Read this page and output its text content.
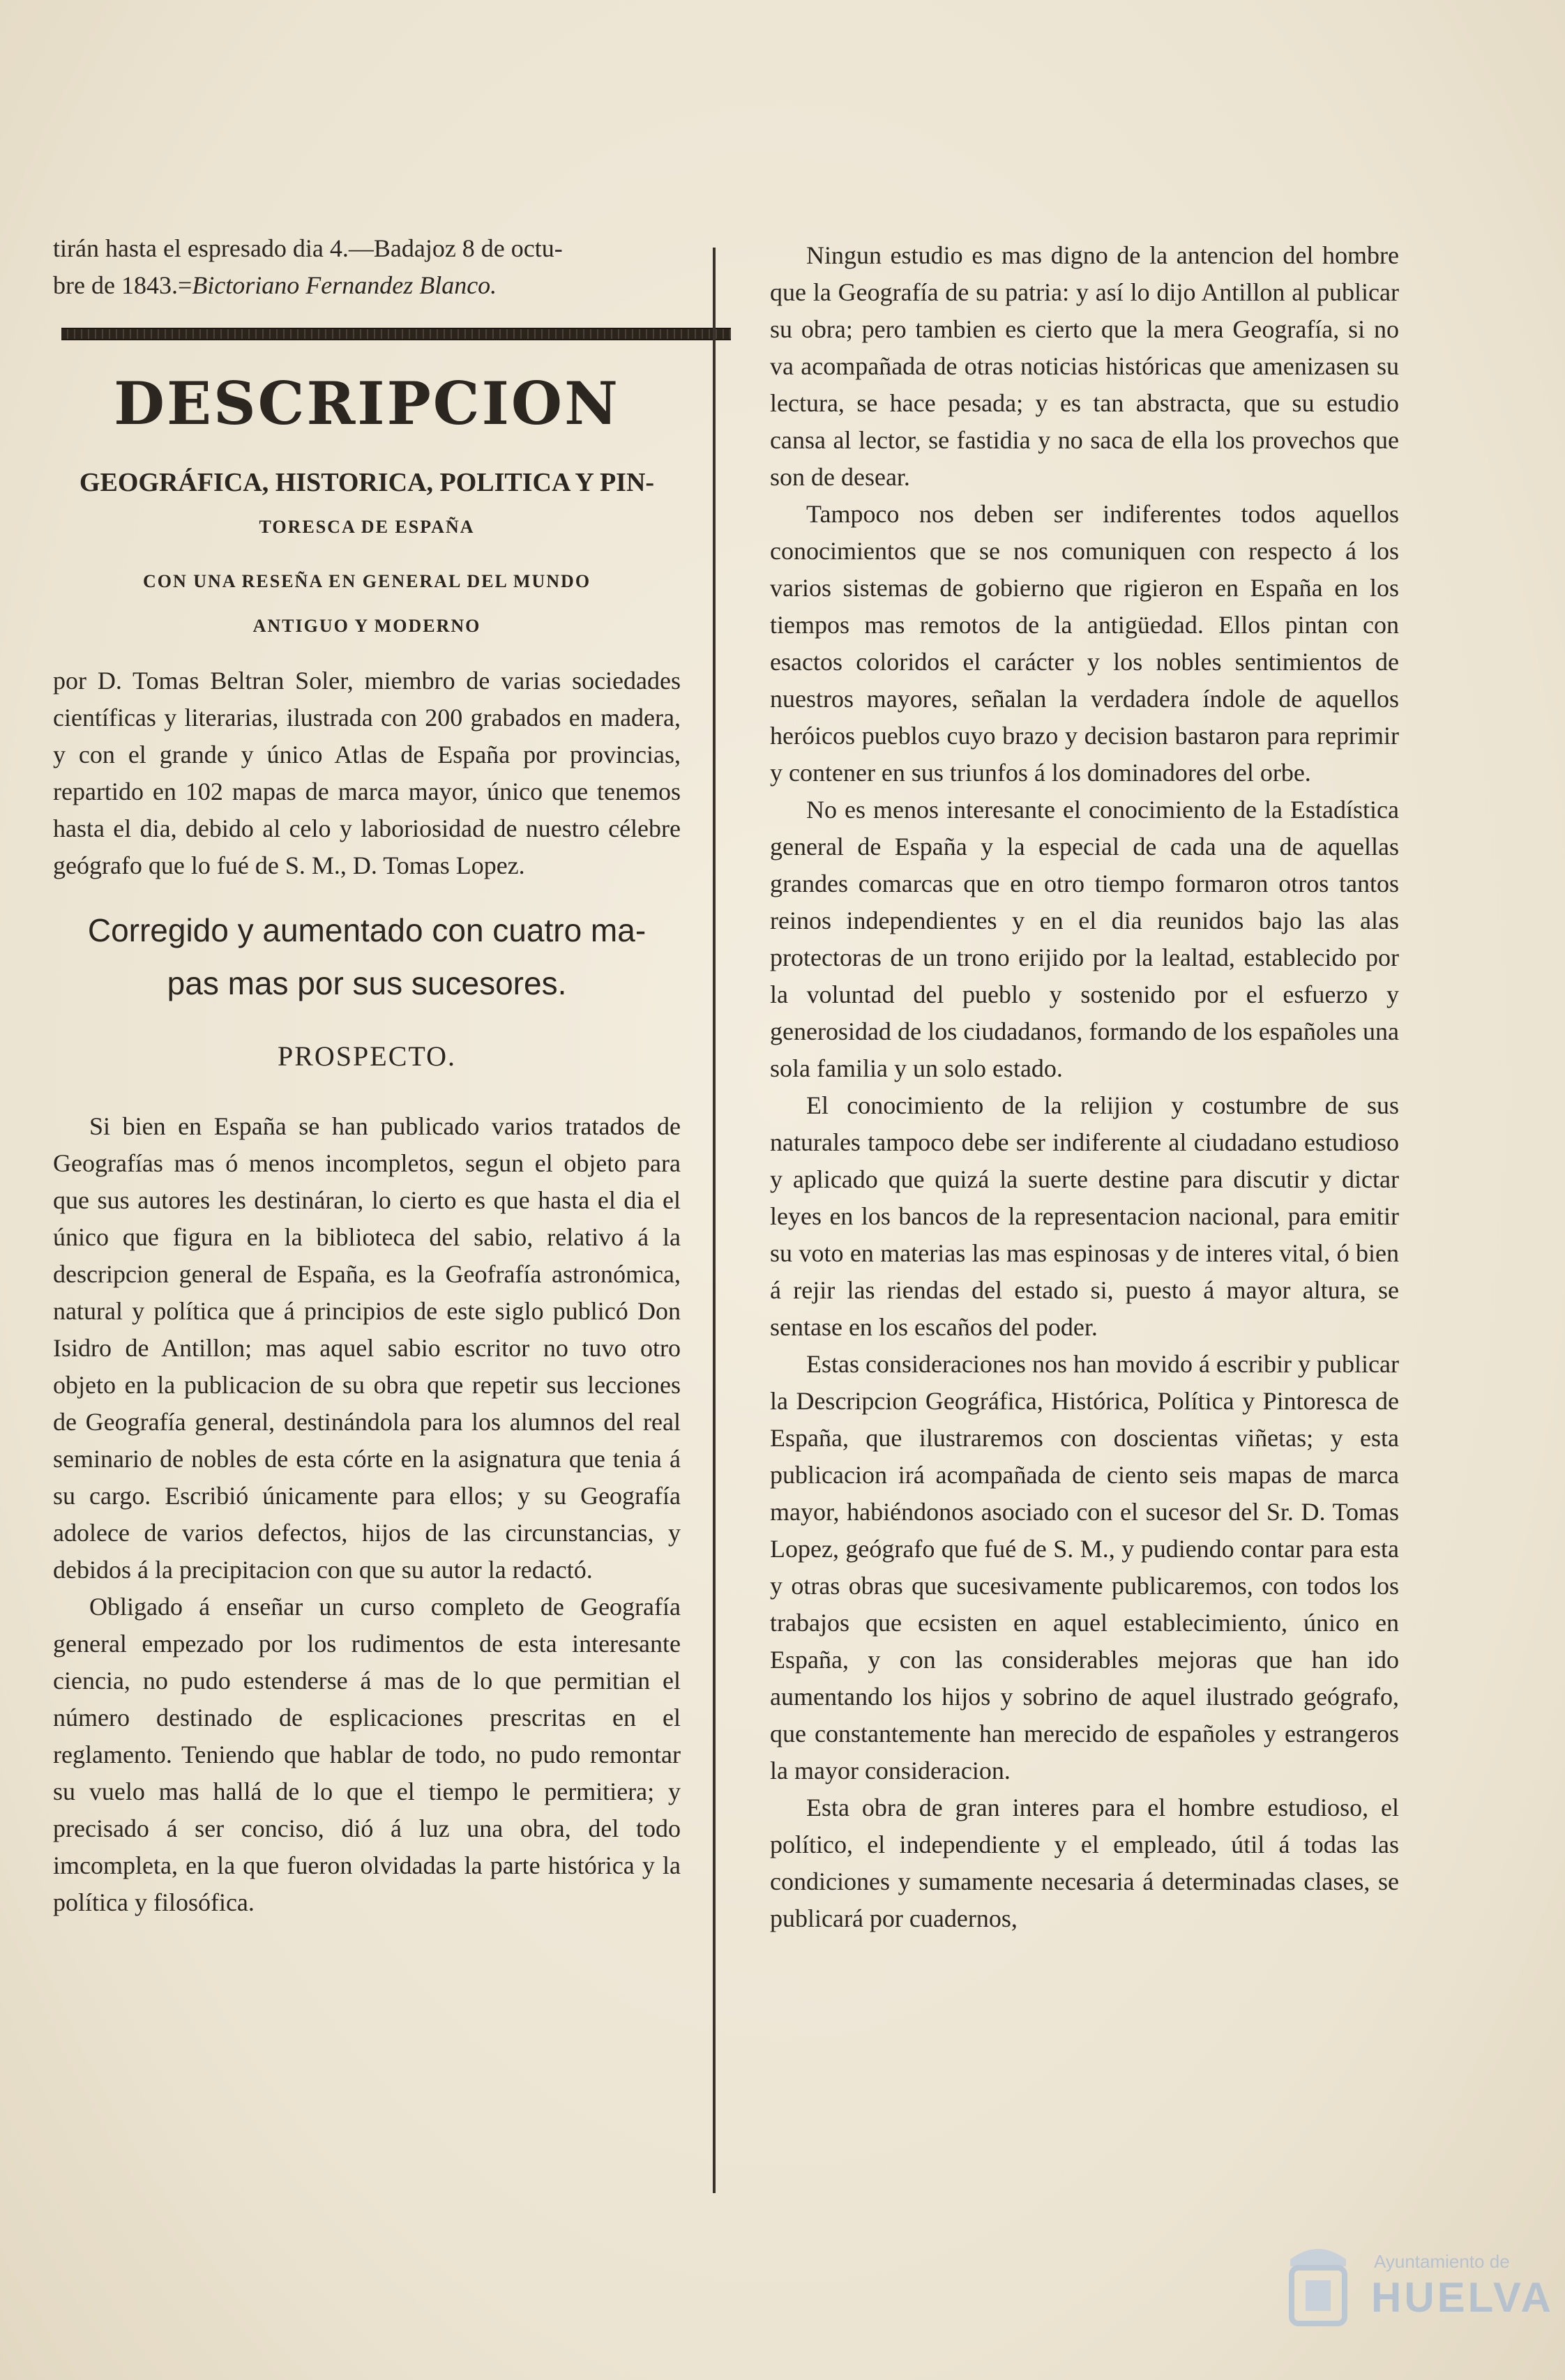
tirán hasta el espresado dia 4.—Badajoz 8 de octu-

bre de 1843.=Bictoriano Fernandez Blanco.

DESCRIPCION

GEOGRÁFICA, HISTORICA, POLITICA Y PIN-

TORESCA DE ESPAÑA

CON UNA RESEÑA EN GENERAL DEL MUNDO

ANTIGUO Y MODERNO

por D. Tomas Beltran Soler, miembro de varias sociedades científicas y literarias, ilustrada con 200 grabados en madera, y con el grande y único Atlas de España por provincias, repartido en 102 mapas de marca mayor, único que tenemos hasta el dia, debido al celo y laboriosidad de nuestro célebre geógrafo que lo fué de S. M., D. Tomas Lopez.

Corregido y aumentado con cuatro ma-
pas mas por sus sucesores.
PROSPECTO.

Si bien en España se han publicado varios tratados de Geografías mas ó menos incompletos, segun el objeto para que sus autores les destináran, lo cierto es que hasta el dia el único que figura en la biblioteca del sabio, relativo á la descripcion general de España, es la Geofrafía astronómica, natural y política que á principios de este siglo publicó Don Isidro de Antillon; mas aquel sabio escritor no tuvo otro objeto en la publicacion de su obra que repetir sus lecciones de Geografía general, destinándola para los alumnos del real seminario de nobles de esta córte en la asignatura que tenia á su cargo. Escribió únicamente para ellos; y su Geografía adolece de varios defectos, hijos de las circunstancias, y debidos á la precipitacion con que su autor la redactó.

Obligado á enseñar un curso completo de Geografía general empezado por los rudimentos de esta interesante ciencia, no pudo estenderse á mas de lo que permitian el número destinado de esplicaciones prescritas en el reglamento. Teniendo que hablar de todo, no pudo remontar su vuelo mas hallá de lo que el tiempo le permitiera; y precisado á ser conciso, dió á luz una obra, del todo imcompleta, en la que fueron olvidadas la parte histórica y la política y filosófica.

Ningun estudio es mas digno de la antencion del hombre que la Geografía de su patria: y así lo dijo Antillon al publicar su obra; pero tambien es cierto que la mera Geografía, si no va acompañada de otras noticias históricas que amenizasen su lectura, se hace pesada; y es tan abstracta, que su estudio cansa al lector, se fastidia y no saca de ella los provechos que son de desear.

Tampoco nos deben ser indiferentes todos aquellos conocimientos que se nos comuniquen con respecto á los varios sistemas de gobierno que rigieron en España en los tiempos mas remotos de la antigüedad. Ellos pintan con esactos coloridos el carácter y los nobles sentimientos de nuestros mayores, señalan la verdadera índole de aquellos heróicos pueblos cuyo brazo y decision bastaron para reprimir y contener en sus triunfos á los dominadores del orbe.

No es menos interesante el conocimiento de la Estadística general de España y la especial de cada una de aquellas grandes comarcas que en otro tiempo formaron otros tantos reinos independientes y en el dia reunidos bajo las alas protectoras de un trono erijido por la lealtad, establecido por la voluntad del pueblo y sostenido por el esfuerzo y generosidad de los ciudadanos, formando de los españoles una sola familia y un solo estado.

El conocimiento de la relijion y costumbre de sus naturales tampoco debe ser indiferente al ciudadano estudioso y aplicado que quizá la suerte destine para discutir y dictar leyes en los bancos de la representacion nacional, para emitir su voto en materias las mas espinosas y de interes vital, ó bien á rejir las riendas del estado si, puesto á mayor altura, se sentase en los escaños del poder.

Estas consideraciones nos han movido á escribir y publicar la Descripcion Geográfica, Histórica, Política y Pintoresca de España, que ilustraremos con doscientas viñetas; y esta publicacion irá acompañada de ciento seis mapas de marca mayor, habiéndonos asociado con el sucesor del Sr. D. Tomas Lopez, geógrafo que fué de S. M., y pudiendo contar para esta y otras obras que sucesivamente publicaremos, con todos los trabajos que ecsisten en aquel establecimiento, único en España, y con las considerables mejoras que han ido aumentando los hijos y sobrino de aquel ilustrado geógrafo, que constantemente han merecido de españoles y estrangeros la mayor consideracion.

Esta obra de gran interes para el hombre estudioso, el político, el independiente y el empleado, útil á todas las condiciones y sumamente necesaria á determinadas clases, se publicará por cuadernos,

Ayuntamiento de
HUELVA
